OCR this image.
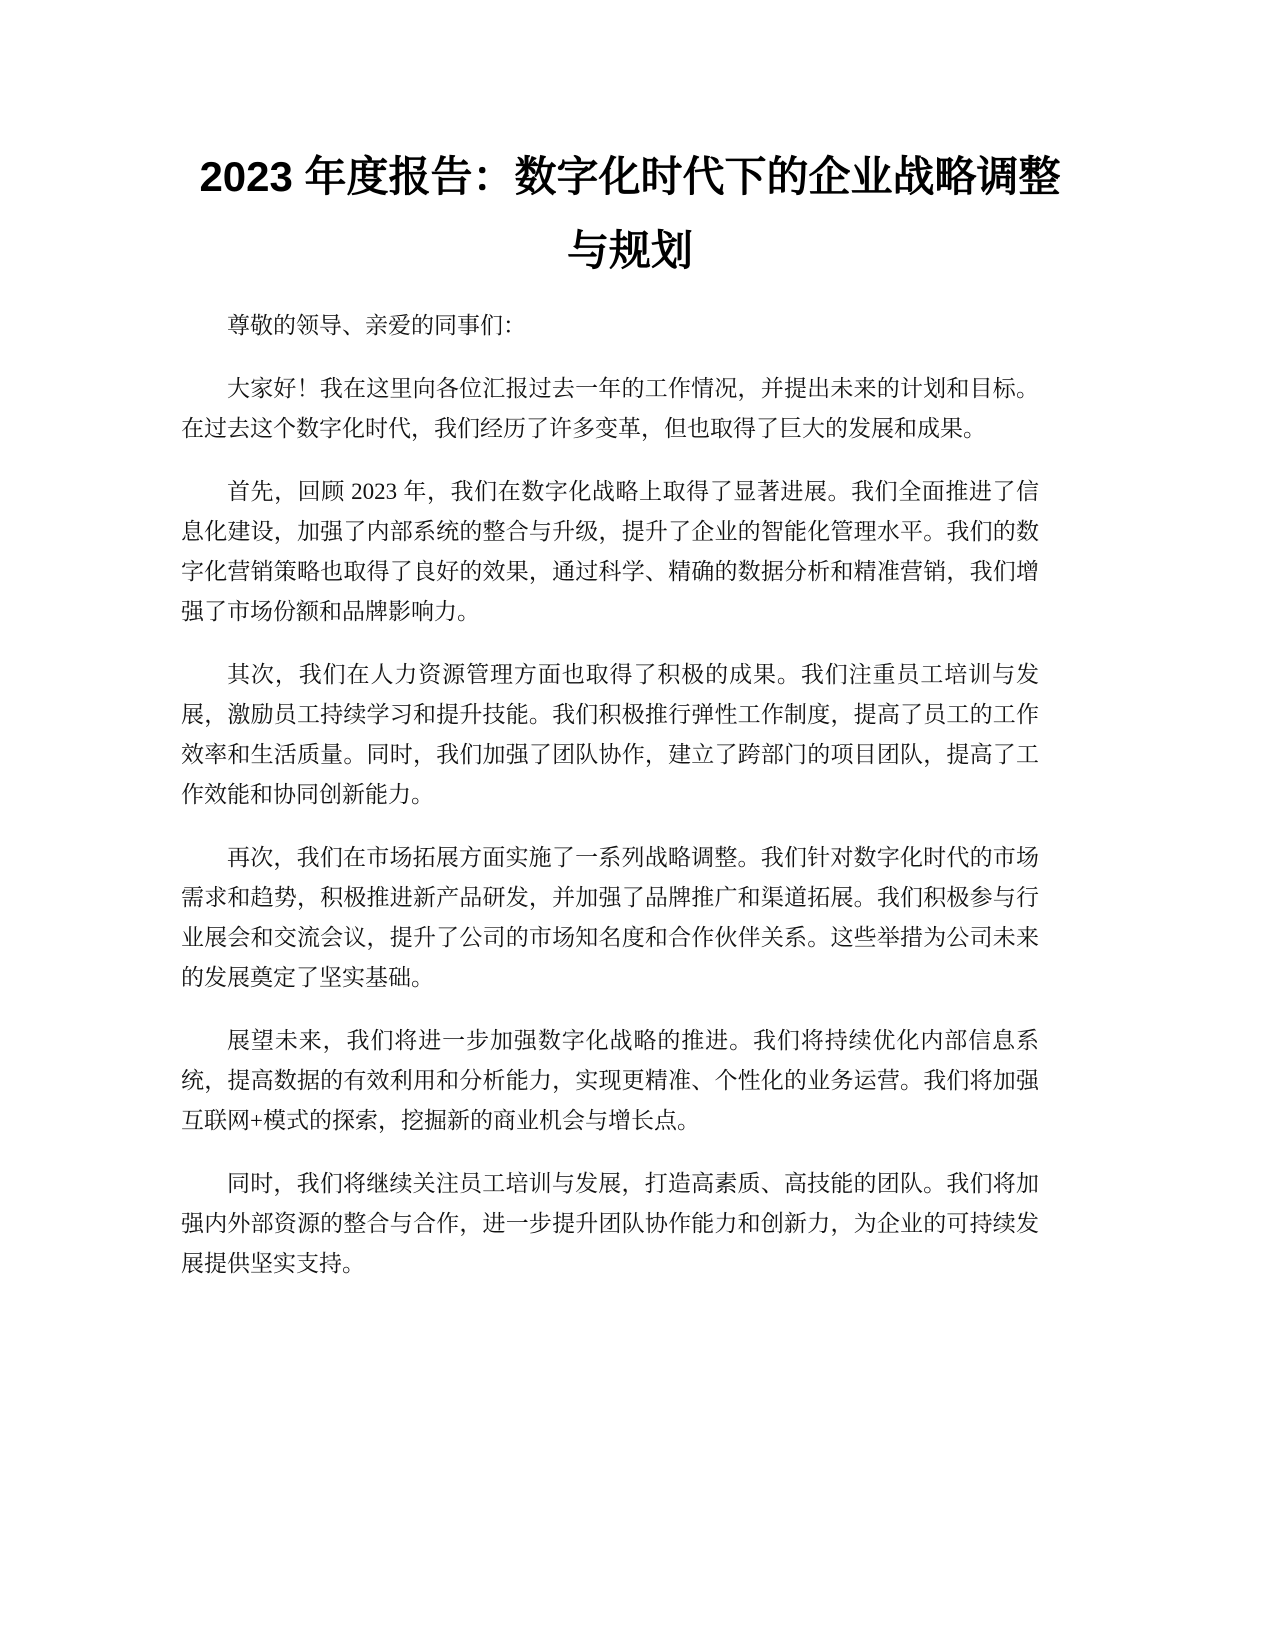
2023 年度报告：数字化时代下的企业战略调整与规划

尊敬的领导、亲爱的同事们：

大家好！我在这里向各位汇报过去一年的工作情况，并提出未来的计划和目标。在过去这个数字化时代，我们经历了许多变革，但也取得了巨大的发展和成果。

首先，回顾 2023 年，我们在数字化战略上取得了显著进展。我们全面推进了信息化建设，加强了内部系统的整合与升级，提升了企业的智能化管理水平。我们的数字化营销策略也取得了良好的效果，通过科学、精确的数据分析和精准营销，我们增强了市场份额和品牌影响力。

其次，我们在人力资源管理方面也取得了积极的成果。我们注重员工培训与发展，激励员工持续学习和提升技能。我们积极推行弹性工作制度，提高了员工的工作效率和生活质量。同时，我们加强了团队协作，建立了跨部门的项目团队，提高了工作效能和协同创新能力。

再次，我们在市场拓展方面实施了一系列战略调整。我们针对数字化时代的市场需求和趋势，积极推进新产品研发，并加强了品牌推广和渠道拓展。我们积极参与行业展会和交流会议，提升了公司的市场知名度和合作伙伴关系。这些举措为公司未来的发展奠定了坚实基础。

展望未来，我们将进一步加强数字化战略的推进。我们将持续优化内部信息系统，提高数据的有效利用和分析能力，实现更精准、个性化的业务运营。我们将加强互联网+模式的探索，挖掘新的商业机会与增长点。

同时，我们将继续关注员工培训与发展，打造高素质、高技能的团队。我们将加强内外部资源的整合与合作，进一步提升团队协作能力和创新力，为企业的可持续发展提供坚实支持。
